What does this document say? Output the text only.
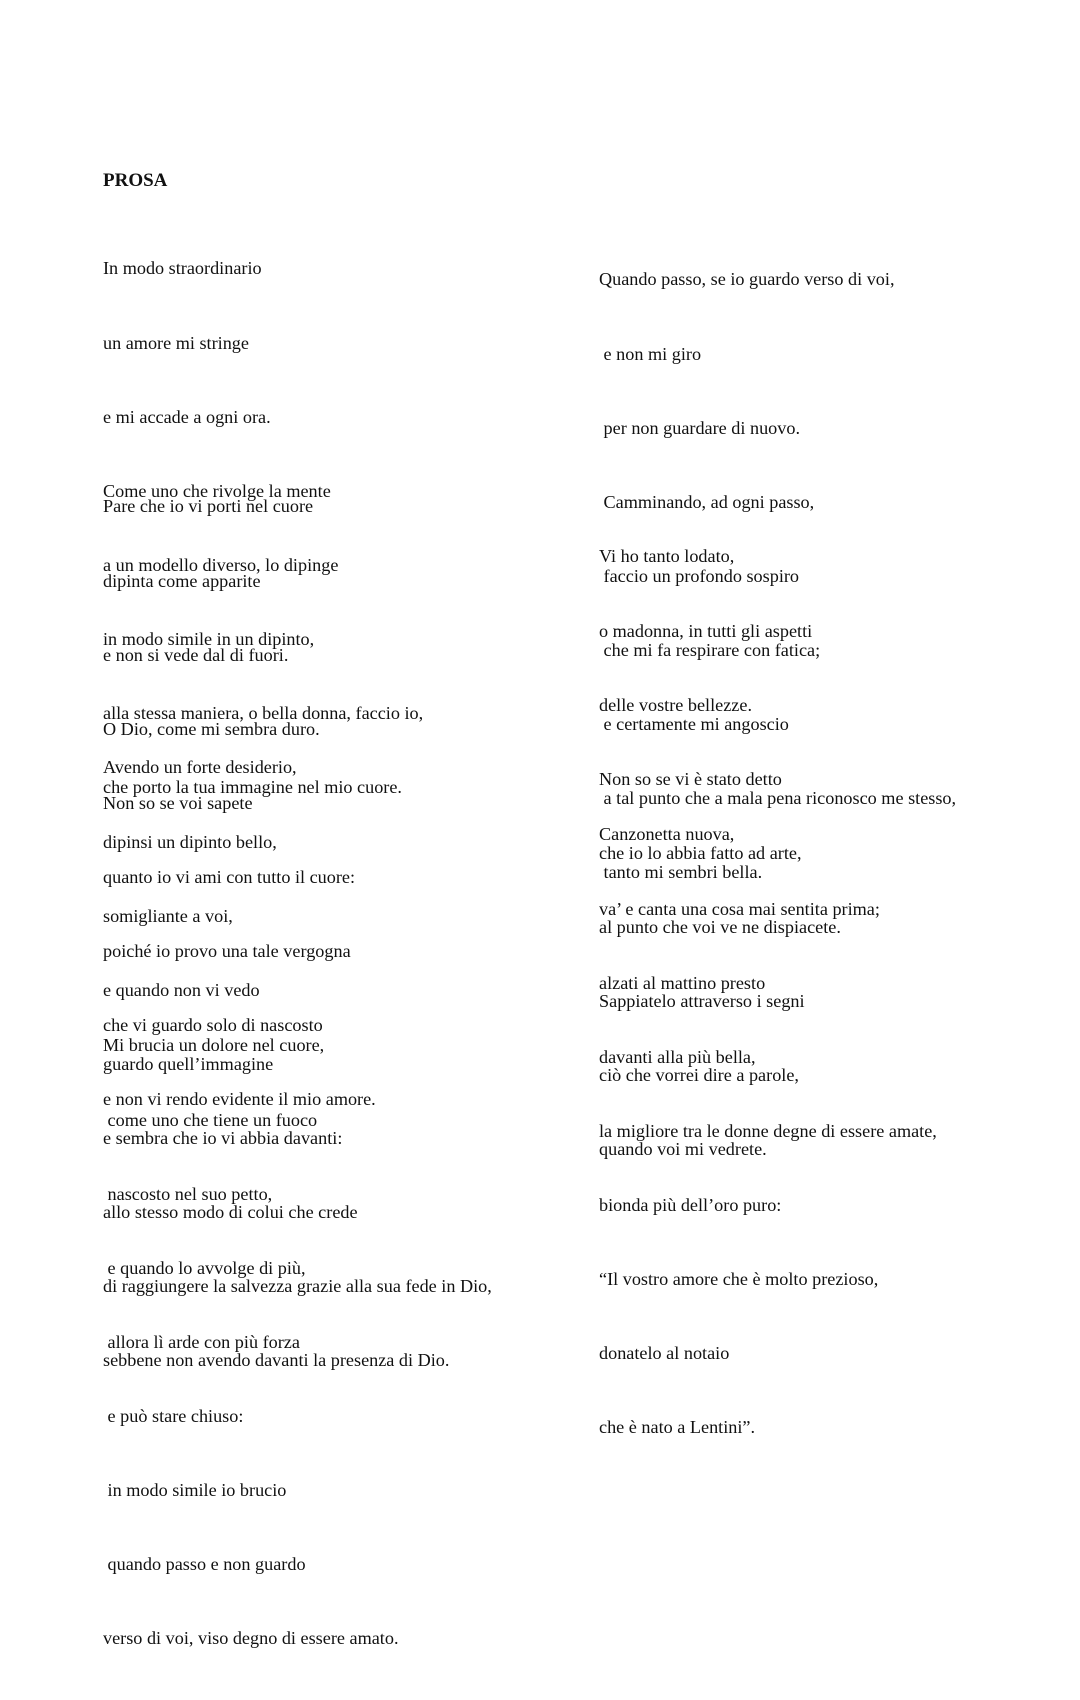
PROSA

In modo straordinario

un amore mi stringe

e mi accade a ogni ora.

Come uno che rivolge la mente

a un modello diverso, lo dipinge

in modo simile in un dipinto,

alla stessa maniera, o bella donna, faccio io,

che porto la tua immagine nel mio cuore.

Pare che io vi porti nel cuore

dipinta come apparite

e non si vede dal di fuori.

O Dio, come mi sembra duro.

Non so se voi sapete

quanto io vi ami con tutto il cuore:

poiché io provo una tale vergogna

che vi guardo solo di nascosto

e non vi rendo evidente il mio amore.

Avendo un forte desiderio,

dipinsi un dipinto bello,

somigliante a voi,

e quando non vi vedo

guardo quell’immagine

e sembra che io vi abbia davanti:

allo stesso modo di colui che crede

di raggiungere la salvezza grazie alla sua fede in Dio,

sebbene non avendo davanti la presenza di Dio.

Mi brucia un dolore nel cuore,

come uno che tiene un fuoco

nascosto nel suo petto,

e quando lo avvolge di più,

allora lì arde con più forza

e può stare chiuso:

in modo simile io brucio

quando passo e non guardo

verso di voi, viso degno di essere amato.

Quando passo, se io guardo verso di voi,

e non mi giro

per non guardare di nuovo.

Camminando, ad ogni passo,

faccio un profondo sospiro

che mi fa respirare con fatica;

e certamente mi angoscio

a tal punto che a mala pena riconosco me stesso,

tanto mi sembri bella.

Vi ho tanto lodato,

o madonna, in tutti gli aspetti

delle vostre bellezze.

Non so se vi è stato detto

che io lo abbia fatto ad arte,

al punto che voi ve ne dispiacete.

Sappiatelo attraverso i segni

ciò che vorrei dire a parole,

quando voi mi vedrete.

Canzonetta nuova,

va’ e canta una cosa mai sentita prima;

alzati al mattino presto

davanti alla più bella,

la migliore tra le donne degne di essere amate,

bionda più dell’oro puro:

“Il vostro amore che è molto prezioso,

donatelo al notaio

che è nato a Lentini”.
